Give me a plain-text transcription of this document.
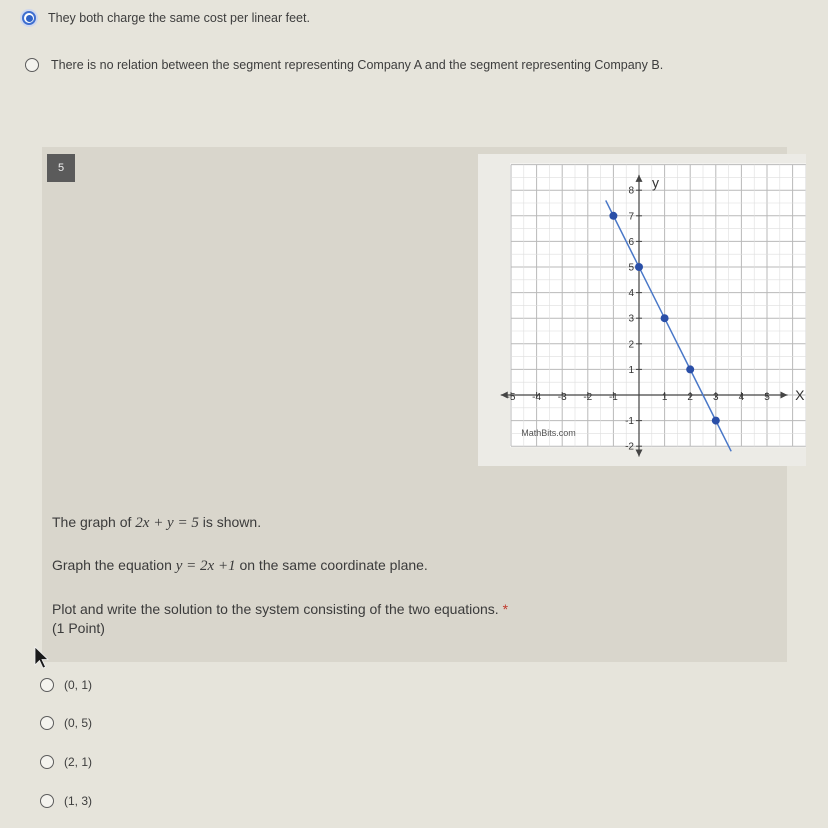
They both charge the same cost per linear feet.
There is no relation between the segment representing Company A and the segment representing Company B.
5
-5 -4 -3 -2 -1	1 2 3 4 5
8
7
6
5
4
3
2
1
-1
-2
X
y
MathBits.com
The graph of 2x + y = 5 is shown.
Graph the equation y = 2x +1 on the same coordinate plane.
Plot and write the solution to the system consisting of the two equations. *
(1 Point)
(0, 1)
(0, 5)
(2, 1)
(1, 3)
